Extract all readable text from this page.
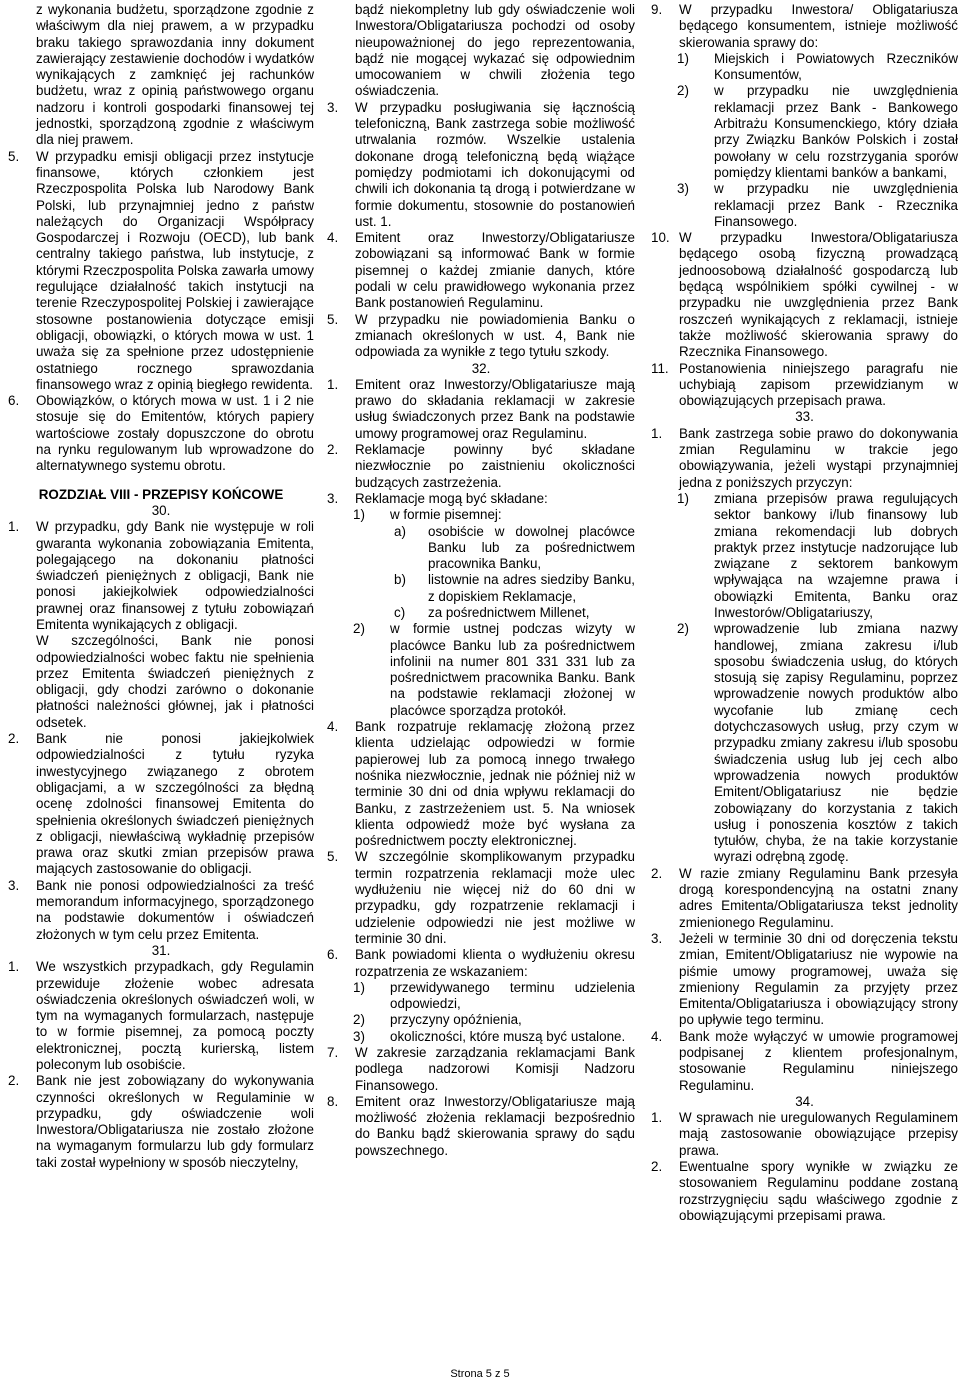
z wykonania budżetu, sporządzone zgodnie z właściwym dla niej prawem, a w przypadku braku takiego sprawozdania inny dokument zawierający zestawienie dochodów i wydatków wynikających z zamknięć jej rachunków budżetu, wraz z opinią państwowego organu nadzoru i kontroli gospodarki finansowej tej jednostki, sporządzoną zgodnie z właściwym dla niej prawem.
5. W przypadku emisji obligacji przez instytucje finansowe, których członkiem jest Rzeczpospolita Polska lub Narodowy Bank Polski, lub przynajmniej jedno z państw należących do Organizacji Współpracy Gospodarczej i Rozwoju (OECD), lub bank centralny takiego państwa, lub instytucje, z którymi Rzeczpospolita Polska zawarła umowy regulujące działalność takich instytucji na terenie Rzeczypospolitej Polskiej i zawierające stosowne postanowienia dotyczące emisji obligacji, obowiązki, o których mowa w ust. 1 uważa się za spełnione przez udostępnienie ostatniego rocznego sprawozdania finansowego wraz z opinią biegłego rewidenta.
6. Obowiązków, o których mowa w ust. 1 i 2 nie stosuje się do Emitentów, których papiery wartościowe zostały dopuszczone do obrotu na rynku regulowanym lub wprowadzone do alternatywnego systemu obrotu.
ROZDZIAŁ VIII - PRZEPISY KOŃCOWE
30.
1. W przypadku, gdy Bank nie występuje w roli gwaranta wykonania zobowiązania Emitenta, polegającego na dokonaniu płatności świadczeń pieniężnych z obligacji, Bank nie ponosi jakiejkolwiek odpowiedzialności prawnej oraz finansowej z tytułu zobowiązań Emitenta wynikających z obligacji.
W szczególności, Bank nie ponosi odpowiedzialności wobec faktu nie spełnienia przez Emitenta świadczeń pieniężnych z obligacji, gdy chodzi zarówno o dokonanie płatności należności głównej, jak i płatności odsetek.
2. Bank nie ponosi jakiejkolwiek odpowiedzialności z tytułu ryzyka inwestycyjnego związanego z obrotem obligacjami, a w szczególności za błędną ocenę zdolności finansowej Emitenta do spełnienia określonych świadczeń pieniężnych z obligacji, niewłaściwą wykładnię przepisów prawa oraz skutki zmian przepisów prawa mających zastosowanie do obligacji.
3. Bank nie ponosi odpowiedzialności za treść memorandum informacyjnego, sporządzonego na podstawie dokumentów i oświadczeń złożonych w tym celu przez Emitenta.
31.
1. We wszystkich przypadkach, gdy Regulamin przewiduje złożenie wobec adresata oświadczenia określonych oświadczeń woli, w tym na wymaganych formularzach, następuje to w formie pisemnej, za pomocą poczty elektronicznej, pocztą kurierską, listem poleconym lub osobiście.
2. Bank nie jest zobowiązany do wykonywania czynności określonych w Regulaminie w przypadku, gdy oświadczenie woli Inwestora/Obligatariusza nie zostało złożone na wymaganym formularzu lub gdy formularz taki został wypełniony w sposób nieczytelny,
bądź niekompletny lub gdy oświadczenie woli Inwestora/Obligatariusza pochodzi od osoby nieupoważnionej do jego reprezentowania, bądź nie mogącej wykazać się odpowiednim umocowaniem w chwili złożenia tego oświadczenia.
3. W przypadku posługiwania się łącznością telefoniczną, Bank zastrzega sobie możliwość utrwalania rozmów. Wszelkie ustalenia dokonane drogą telefoniczną będą wiążące pomiędzy podmiotami ich dokonującymi od chwili ich dokonania tą drogą i potwierdzane w formie dokumentu, stosownie do postanowień ust. 1.
4. Emitent oraz Inwestorzy/Obligatariusze zobowiązani są informować Bank w formie pisemnej o każdej zmianie danych, które podali w celu prawidłowego wykonania przez Bank postanowień Regulaminu.
5. W przypadku nie powiadomienia Banku o zmianach określonych w ust. 4, Bank nie odpowiada za wynikłe z tego tytułu szkody.
32.
1. Emitent oraz Inwestorzy/Obligatariusze mają prawo do składania reklamacji w zakresie usług świadczonych przez Bank na podstawie umowy programowej oraz Regulaminu.
2. Reklamacje powinny być składane niezwłocznie po zaistnieniu okoliczności budzących zastrzeżenia.
3. Reklamacje mogą być składane:
1) w formie pisemnej:
a) osobiście w dowolnej placówce Banku lub za pośrednictwem pracownika Banku,
b) listownie na adres siedziby Banku, z dopiskiem Reklamacje,
c) za pośrednictwem Millenet,
2) w formie ustnej podczas wizyty w placówce Banku lub za pośrednictwem infolinii na numer 801 331 331 lub za pośrednictwem pracownika Banku. Bank na podstawie reklamacji złożonej w placówce sporządza protokół.
4. Bank rozpatruje reklamację złożoną przez klienta udzielając odpowiedzi w formie papierowej lub za pomocą innego trwałego nośnika niezwłocznie, jednak nie później niż w terminie 30 dni od dnia wpływu reklamacji do Banku, z zastrzeżeniem ust. 5. Na wniosek klienta odpowiedź może być wysłana za pośrednictwem poczty elektronicznej.
5. W szczególnie skomplikowanym przypadku termin rozpatrzenia reklamacji może ulec wydłużeniu nie więcej niż do 60 dni w przypadku, gdy rozpatrzenie reklamacji i udzielenie odpowiedzi nie jest możliwe w terminie 30 dni.
6. Bank powiadomi klienta o wydłużeniu okresu rozpatrzenia ze wskazaniem:
1) przewidywanego terminu udzielenia odpowiedzi,
2) przyczyny opóźnienia,
3) okoliczności, które muszą być ustalone.
7. W zakresie zarządzania reklamacjami Bank podlega nadzorowi Komisji Nadzoru Finansowego.
8. Emitent oraz Inwestorzy/Obligatariusze mają możliwość złożenia reklamacji bezpośrednio do Banku bądź skierowania sprawy do sądu powszechnego.
9. W przypadku Inwestora/ Obligatariusza będącego konsumentem, istnieje możliwość skierowania sprawy do:
1) Miejskich i Powiatowych Rzeczników Konsumentów,
2) w przypadku nie uwzględnienia reklamacji przez Bank - Bankowego Arbitrażu Konsumenckiego, który działa przy Związku Banków Polskich i został powołany w celu rozstrzygania sporów pomiędzy klientami banków a bankami,
3) w przypadku nie uwzględnienia reklamacji przez Bank - Rzecznika Finansowego.
10. W przypadku Inwestora/Obligatariusza będącego osobą fizyczną prowadzącą jednoosobową działalność gospodarczą lub będącą wspólnikiem spółki cywilnej - w przypadku nie uwzględnienia przez Bank roszczeń wynikających z reklamacji, istnieje także możliwość skierowania sprawy do Rzecznika Finansowego.
11. Postanowienia niniejszego paragrafu nie uchybiają zapisom przewidzianym w obowiązujących przepisach prawa.
33.
1. Bank zastrzega sobie prawo do dokonywania zmian Regulaminu w trakcie jego obowiązywania, jeżeli wystąpi przynajmniej jedna z poniższych przyczyn:
1) zmiana przepisów prawa regulujących sektor bankowy i/lub finansowy lub zmiana rekomendacji lub dobrych praktyk przez instytucje nadzorujące lub związane z sektorem bankowym wpływająca na wzajemne prawa i obowiązki Emitenta, Banku oraz Inwestorów/Obligatariuszy,
2) wprowadzenie lub zmiana nazwy handlowej, zmiana zakresu i/lub sposobu świadczenia usług, do których stosują się zapisy Regulaminu, poprzez wprowadzenie nowych produktów albo wycofanie lub zmianę cech dotychczasowych usług, przy czym w przypadku zmiany zakresu i/lub sposobu świadczenia usług lub jej cech albo wprowadzenia nowych produktów Emitent/Obligatariusz nie będzie zobowiązany do korzystania z takich usług i ponoszenia kosztów z takich tytułów, chyba, że na takie korzystanie wyrazi odrębną zgodę.
2. W razie zmiany Regulaminu Bank przesyła drogą korespondencyjną na ostatni znany adres Emitenta/Obligatariusza tekst jednolity zmienionego Regulaminu.
3. Jeżeli w terminie 30 dni od doręczenia tekstu zmian, Emitent/Obligatariusz nie wypowie na piśmie umowy programowej, uważa się zmieniony Regulamin za przyjęty przez Emitenta/Obligatariusza i obowiązujący strony po upływie tego terminu.
4. Bank może wyłączyć w umowie programowej podpisanej z klientem profesjonalnym, stosowanie Regulaminu niniejszego Regulaminu.
34.
1. W sprawach nie uregulowanych Regulaminem mają zastosowanie obowiązujące przepisy prawa.
2. Ewentualne spory wynikłe w związku ze stosowaniem Regulaminu poddane zostaną rozstrzygnięciu sądu właściwego zgodnie z obowiązującymi przepisami prawa.
Strona 5 z 5
